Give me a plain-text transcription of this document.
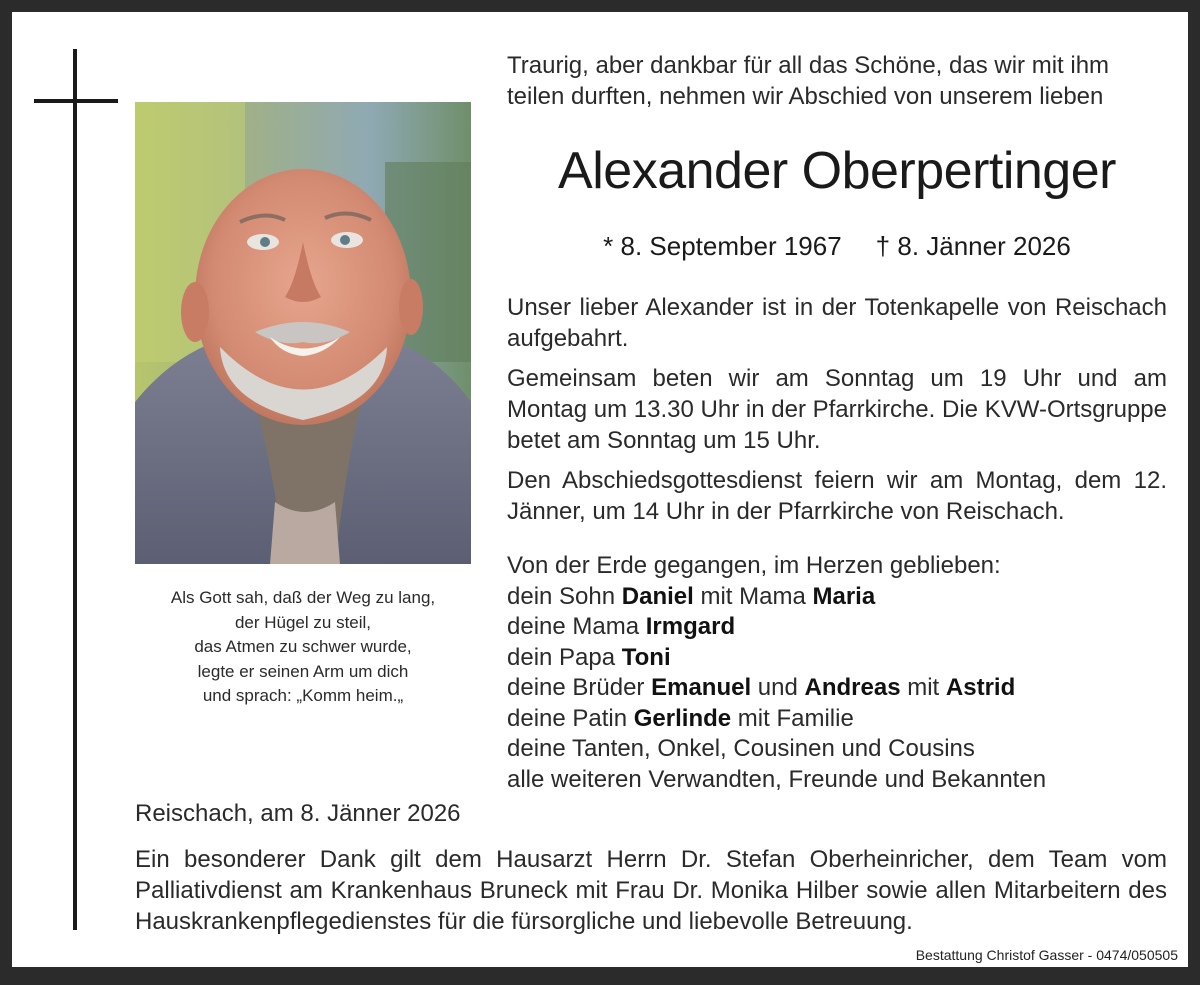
Als Gott sah, daß der Weg zu lang,
der Hügel zu steil,
das Atmen zu schwer wurde,
legte er seinen Arm um dich
und sprach: „Komm heim.„
Traurig, aber dankbar für all das Schöne, das wir mit ihm
teilen durften, nehmen wir Abschied von unserem lieben
Alexander Oberpertinger
* 8. September 1967 † 8. Jänner 2026
Unser lieber Alexander ist in der Totenkapelle von Reischach aufgebahrt.
Gemeinsam beten wir am Sonntag um 19 Uhr und am Montag um 13.30 Uhr in der Pfarrkirche. Die KVW-Ortsgruppe betet am Sonntag um 15 Uhr.
Den Abschiedsgottesdienst feiern wir am Montag, dem 12. Jänner, um 14 Uhr in der Pfarrkirche von Reischach.
Von der Erde gegangen, im Herzen geblieben:
dein Sohn Daniel mit Mama Maria
deine Mama Irmgard
dein Papa Toni
deine Brüder Emanuel und Andreas mit Astrid
deine Patin Gerlinde mit Familie
deine Tanten, Onkel, Cousinen und Cousins
alle weiteren Verwandten, Freunde und Bekannten
Reischach, am 8. Jänner 2026
Ein besonderer Dank gilt dem Hausarzt Herrn Dr. Stefan Oberheinricher, dem Team vom Palliativdienst am Krankenhaus Bruneck mit Frau Dr. Monika Hilber sowie allen Mitarbeitern des Hauskrankenpflegedienstes für die fürsorgliche und liebevolle Betreuung.
Bestattung Christof Gasser - 0474/050505
